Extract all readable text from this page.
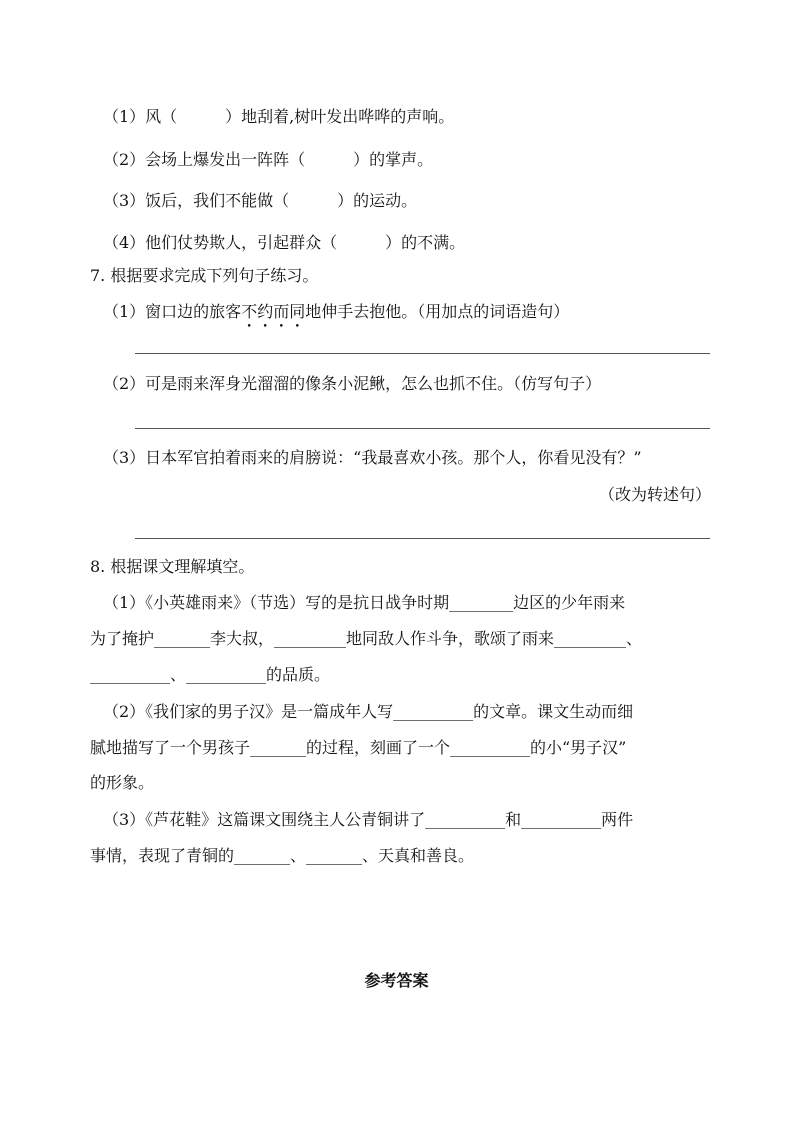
（1）风（　　　）地刮着,树叶发出哗哗的声响。
（2）会场上爆发出一阵阵（　　　）的掌声。
（3）饭后，我们不能做（　　　）的运动。
（4）他们仗势欺人，引起群众（　　　）的不满。
7. 根据要求完成下列句子练习。
（1）窗口边的旅客不约而同地伸手去抱他。（用加点的词语造句）
（2）可是雨来浑身光溜溜的像条小泥鳅，怎么也抓不住。（仿写句子）
（3）日本军官拍着雨来的肩膀说：“我最喜欢小孩。那个人，你看见没有？”
（改为转述句）
8. 根据课文理解填空。
（1）《小英雄雨来》（节选）写的是抗日战争时期________边区的少年雨来
为了掩护_______李大叔，_________地同敌人作斗争，歌颂了雨来_________、
__________、__________的品质。
（2）《我们家的男子汉》是一篇成年人写__________的文章。课文生动而细
腻地描写了一个男孩子_______的过程，刻画了一个__________的小“男子汉”
的形象。
（3）《芦花鞋》这篇课文围绕主人公青铜讲了__________和__________两件
事情，表现了青铜的_______、_______、天真和善良。
参考答案
